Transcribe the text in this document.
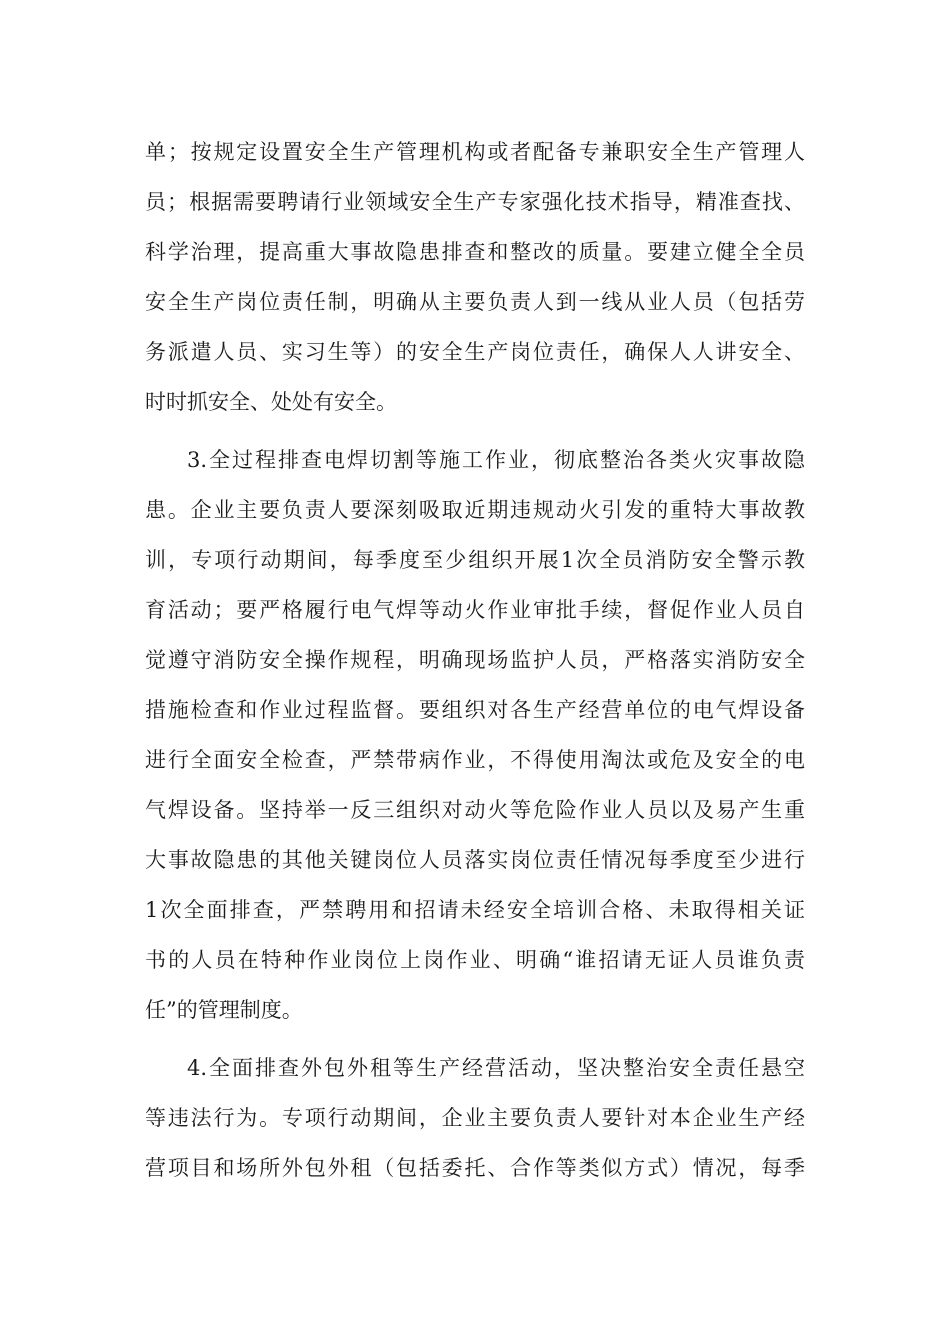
单；按规定设置安全生产管理机构或者配备专兼职安全生产管理人
员；根据需要聘请行业领域安全生产专家强化技术指导，精准查找、
科学治理，提高重大事故隐患排查和整改的质量。要建立健全全员
安全生产岗位责任制，明确从主要负责人到一线从业人员（包括劳
务派遣人员、实习生等）的安全生产岗位责任，确保人人讲安全、
时时抓安全、处处有安全。
3.全过程排查电焊切割等施工作业，彻底整治各类火灾事故隐
患。企业主要负责人要深刻吸取近期违规动火引发的重特大事故教
训，专项行动期间，每季度至少组织开展1次全员消防安全警示教
育活动；要严格履行电气焊等动火作业审批手续，督促作业人员自
觉遵守消防安全操作规程，明确现场监护人员，严格落实消防安全
措施检查和作业过程监督。要组织对各生产经营单位的电气焊设备
进行全面安全检查，严禁带病作业，不得使用淘汰或危及安全的电
气焊设备。坚持举一反三组织对动火等危险作业人员以及易产生重
大事故隐患的其他关键岗位人员落实岗位责任情况每季度至少进行
1次全面排查，严禁聘用和招请未经安全培训合格、未取得相关证
书的人员在特种作业岗位上岗作业、明确“谁招请无证人员谁负责
任”的管理制度。
4.全面排查外包外租等生产经营活动，坚决整治安全责任悬空
等违法行为。专项行动期间，企业主要负责人要针对本企业生产经
营项目和场所外包外租（包括委托、合作等类似方式）情况，每季
